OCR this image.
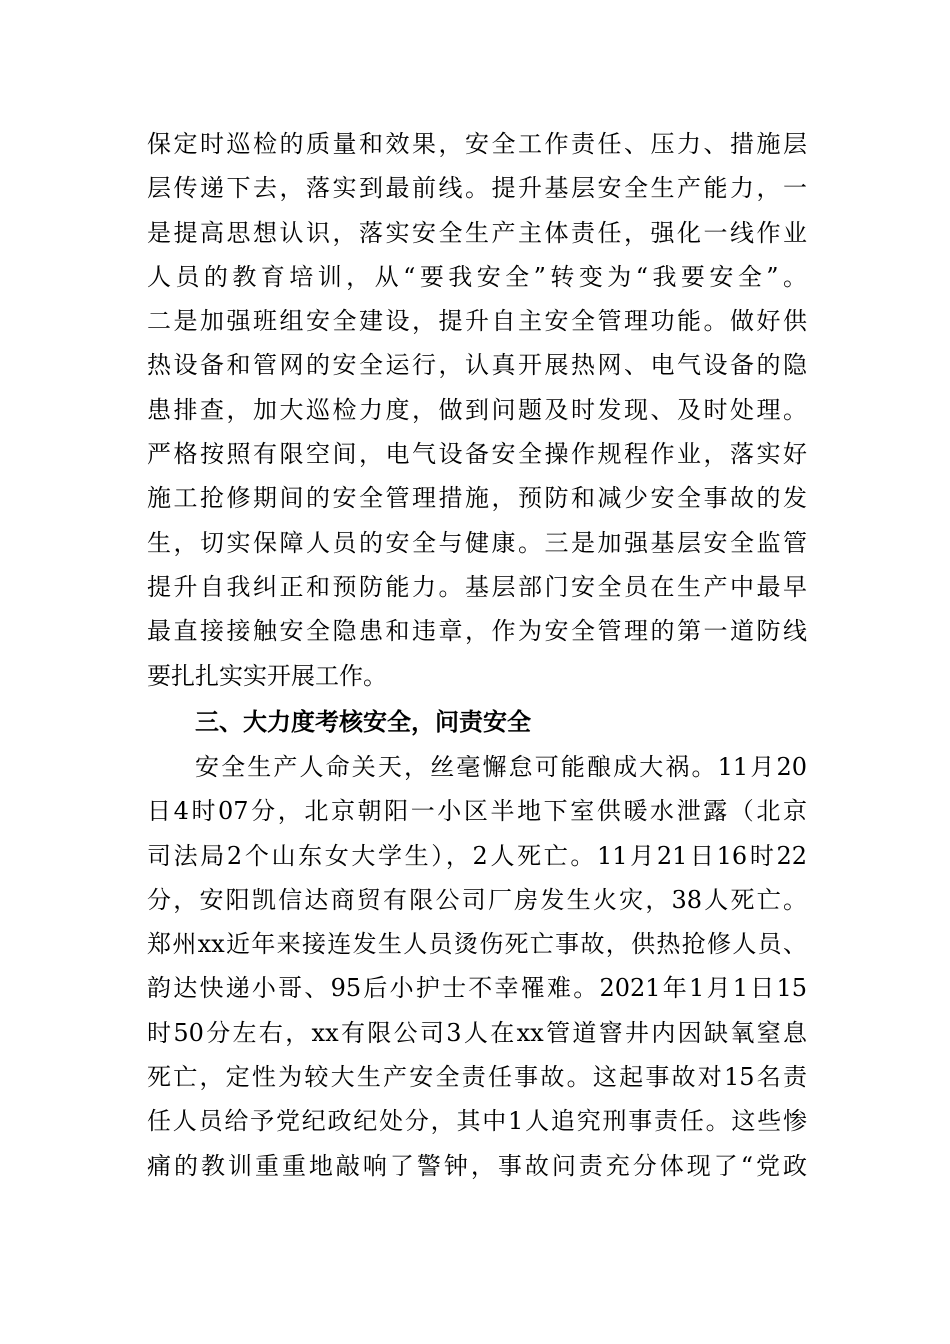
保定时巡检的质量和效果，安全工作责任、压力、措施层
层传递下去，落实到最前线。提升基层安全生产能力，一
是提高思想认识，落实安全生产主体责任，强化一线作业
人员的教育培训，从“要我安全”转变为“我要安全”。
二是加强班组安全建设，提升自主安全管理功能。做好供
热设备和管网的安全运行，认真开展热网、电气设备的隐
患排查，加大巡检力度，做到问题及时发现、及时处理。
严格按照有限空间，电气设备安全操作规程作业，落实好
施工抢修期间的安全管理措施，预防和减少安全事故的发
生，切实保障人员的安全与健康。三是加强基层安全监管
提升自我纠正和预防能力。基层部门安全员在生产中最早
最直接接触安全隐患和违章，作为安全管理的第一道防线
要扎扎实实开展工作。
三、大力度考核安全，问责安全
安全生产人命关天，丝毫懈怠可能酿成大祸。11月20
日4时07分，北京朝阳一小区半地下室供暖水泄露（北京
司法局2个山东女大学生），2人死亡。11月21日16时22
分，安阳凯信达商贸有限公司厂房发生火灾，38人死亡。
郑州xx近年来接连发生人员烫伤死亡事故，供热抢修人员、
韵达快递小哥、95后小护士不幸罹难。2021年1月1日15
时50分左右，xx有限公司3人在xx管道窨井内因缺氧窒息
死亡，定性为较大生产安全责任事故。这起事故对15名责
任人员给予党纪政纪处分，其中1人追究刑事责任。这些惨
痛的教训重重地敲响了警钟，事故问责充分体现了“党政
